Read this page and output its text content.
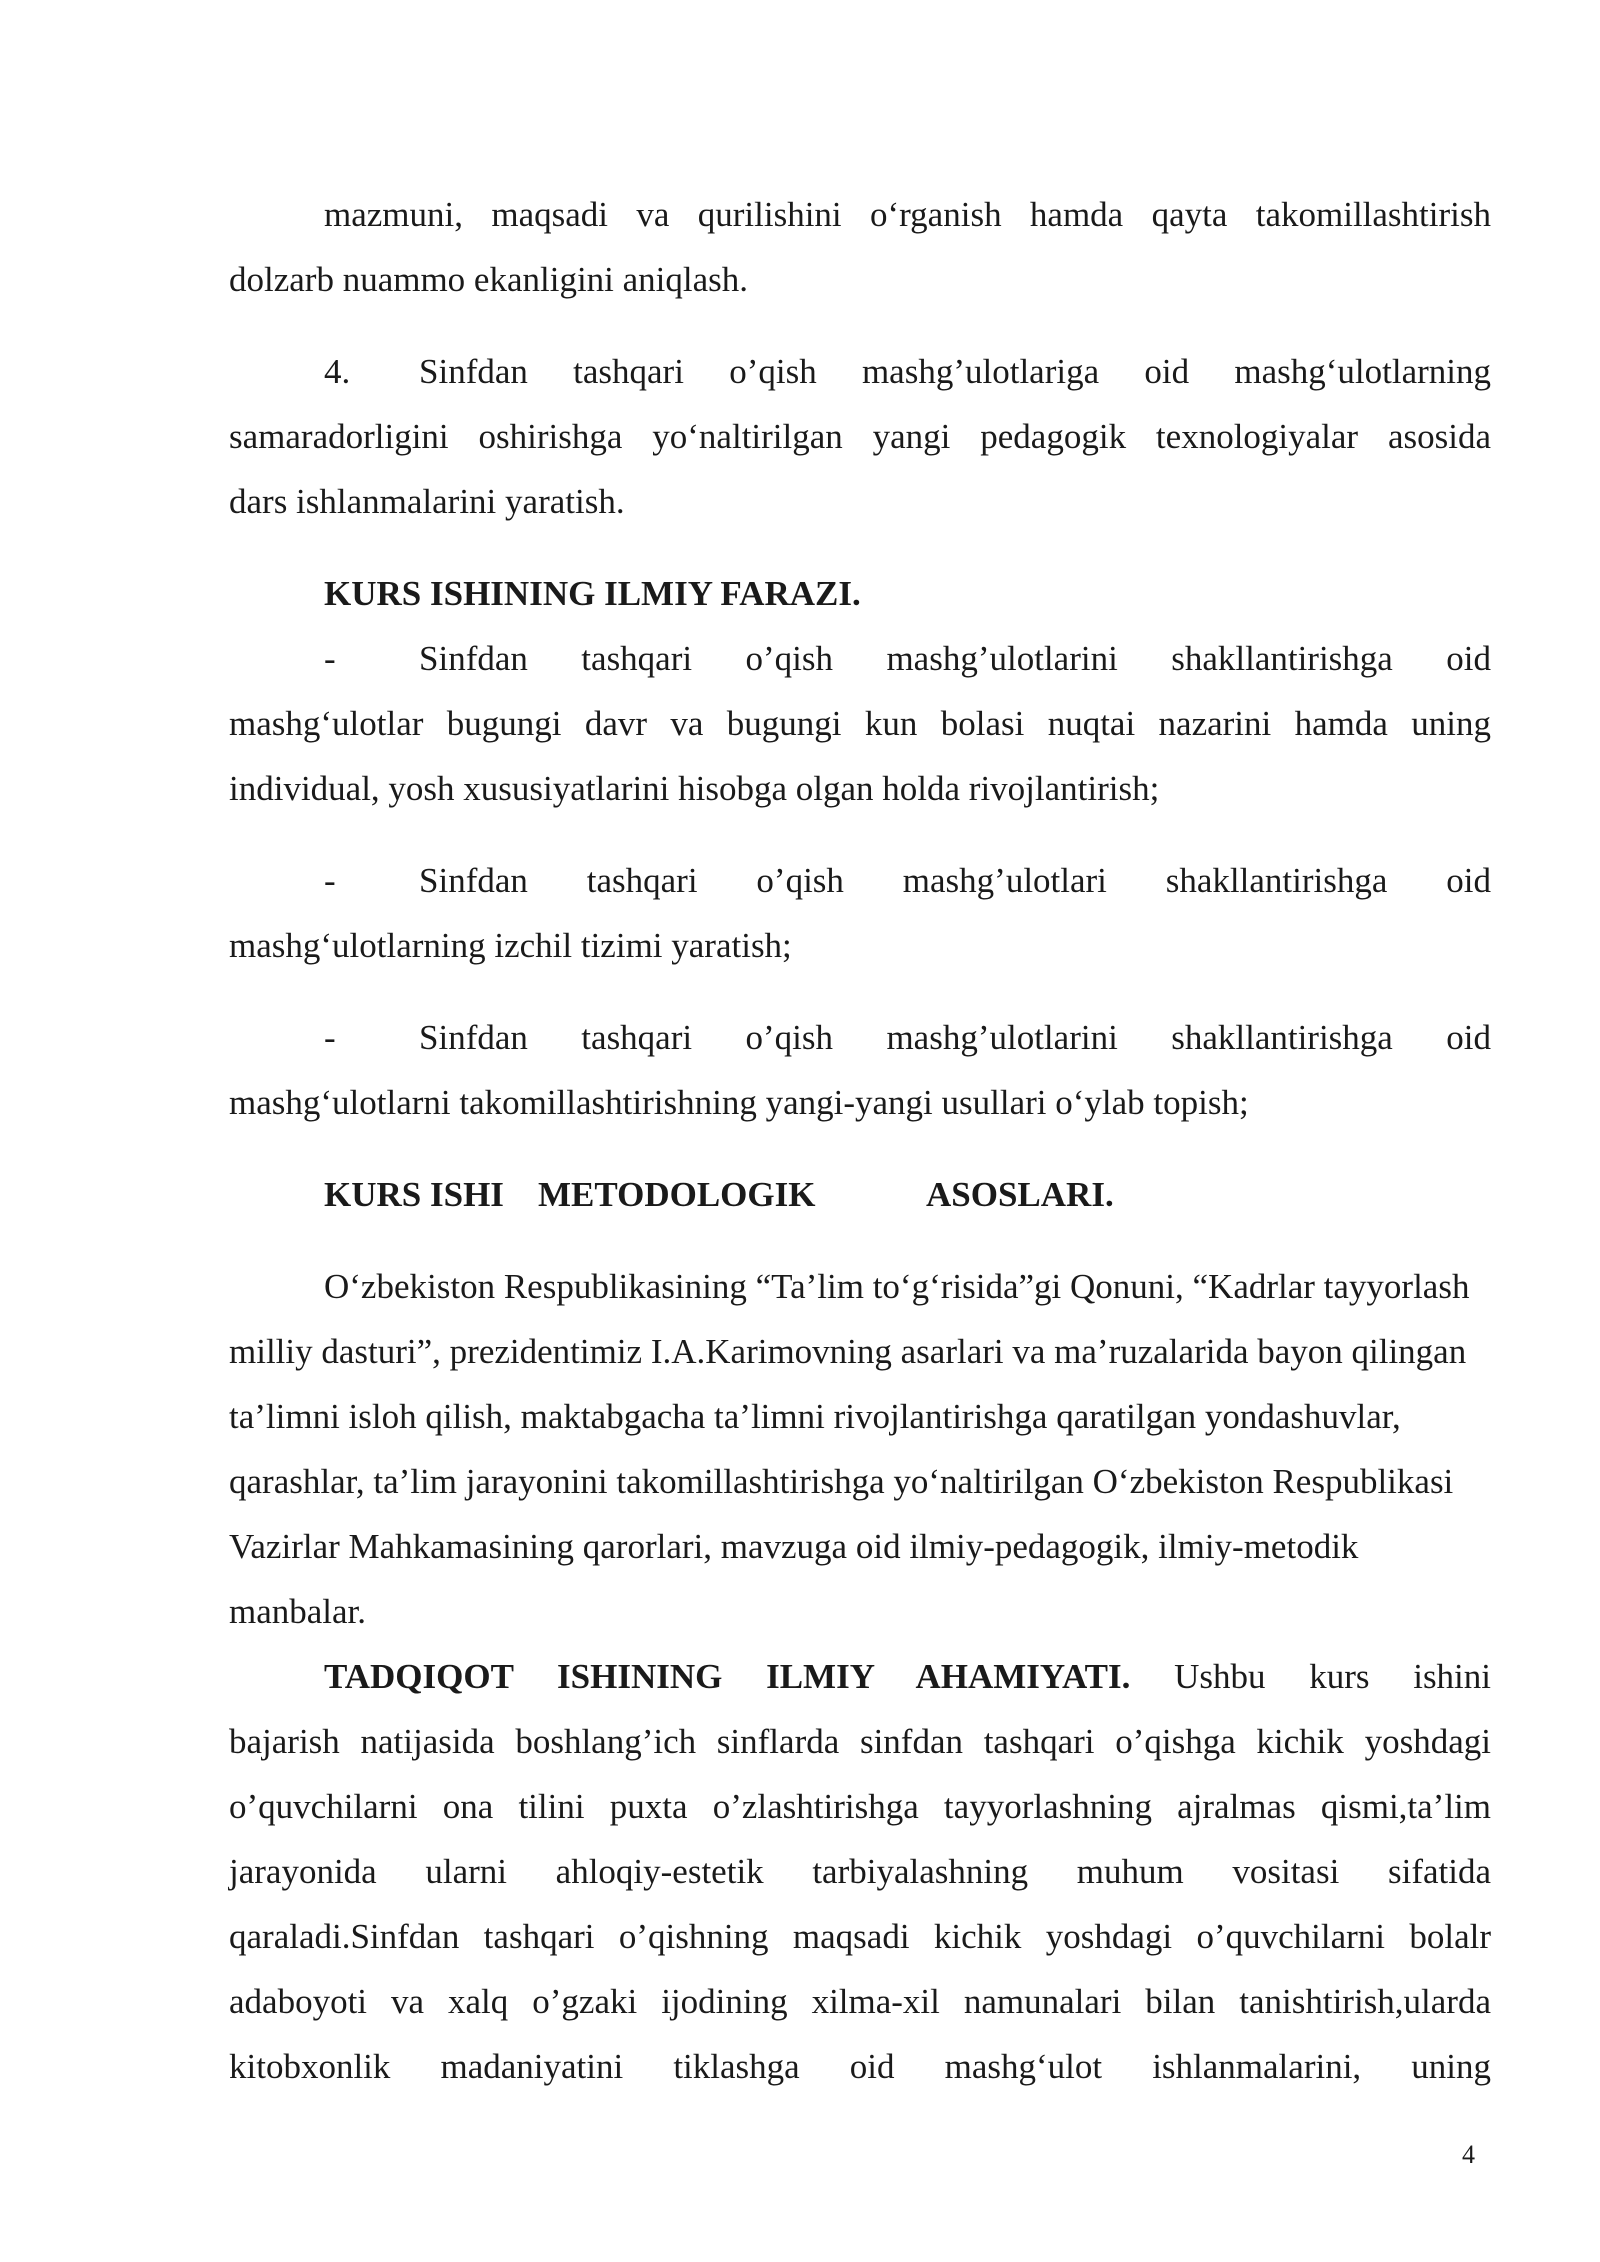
mazmuni, maqsadi va qurilishini o‘rganish hamda qayta takomillashtirish
dolzarb nuammo ekanligini aniqlash.
4. Sinfdan tashqari o’qish mashg’ulotlariga oid mashg‘ulotlarning
samaradorligini oshirishga yo‘naltirilgan yangi pedagogik texnologiyalar asosida
dars ishlanmalarini yaratish.
KURS ISHINING ILMIY FARAZI.
- Sinfdan tashqari o’qish mashg’ulotlarini shakllantirishga oid
mashg‘ulotlar bugungi davr va bugungi kun bolasi nuqtai nazarini hamda uning
individual, yosh xususiyatlarini hisobga olgan holda rivojlantirish;
- Sinfdan tashqari o’qish mashg’ulotlari shakllantirishga oid
mashg‘ulotlarning izchil tizimi yaratish;
- Sinfdan tashqari o’qish mashg’ulotlarini shakllantirishga oid
mashg‘ulotlarni takomillashtirishning yangi-yangi usullari o‘ylab topish;
KURS ISHI METODOLOGIK	ASOSLARI.
O‘zbekiston Respublikasining “Ta’lim to‘g‘risida”gi Qonuni, “Kadrlar tayyorlash
milliy dasturi”, prezidentimiz I.A.Karimovning asarlari va ma’ruzalarida bayon qilingan
ta’limni isloh qilish, maktabgacha ta’limni rivojlantirishga qaratilgan yondashuvlar,
qarashlar, ta’lim jarayonini takomillashtirishga yo‘naltirilgan O‘zbekiston Respublikasi
Vazirlar Mahkamasining qarorlari, mavzuga oid ilmiy-pedagogik, ilmiy-metodik
manbalar.
TADQIQOT ISHINING ILMIY AHAMIYATI. Ushbu kurs ishini
bajarish natijasida boshlang’ich sinflarda sinfdan tashqari o’qishga kichik yoshdagi
o’quvchilarni ona tilini puxta o’zlashtirishga tayyorlashning ajralmas qismi,ta’lim
jarayonida ularni ahloqiy-estetik tarbiyalashning muhum vositasi sifatida
qaraladi.Sinfdan tashqari o’qishning maqsadi kichik yoshdagi o’quvchilarni bolalr
adaboyoti va xalq o’gzaki ijodining xilma-xil namunalari bilan tanishtirish,ularda
kitobxonlik madaniyatini tiklashga oid mashg‘ulot ishlanmalarini, uning
4
